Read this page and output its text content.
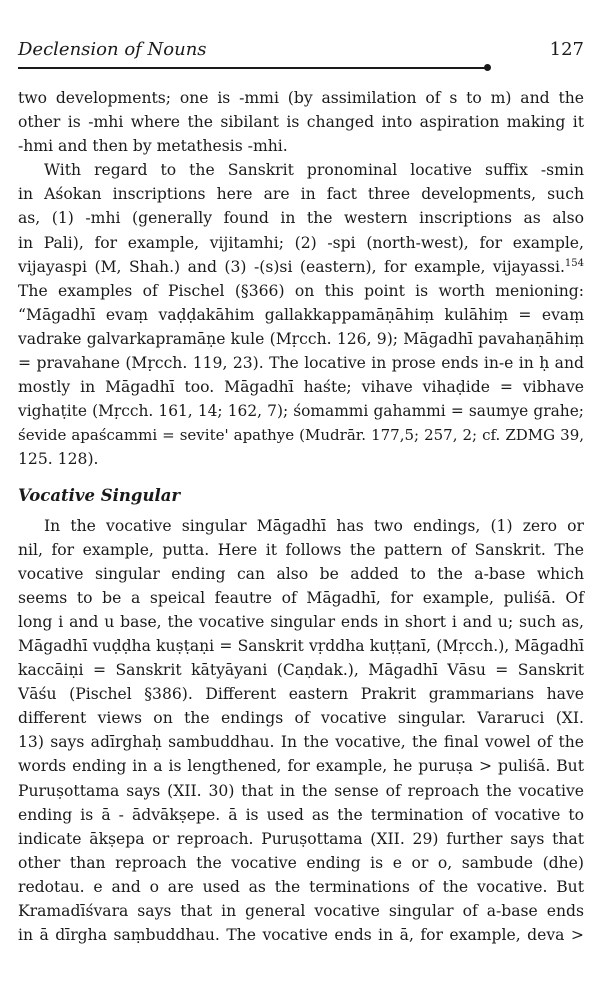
Declension of Nouns	127

two developments; one is -mmi (by assimilation of s to m) and the
other is -mhi where the sibilant is changed into aspiration making it
-hmi and then by metathesis -mhi.

With regard to the Sanskrit pronominal locative suffix -smin
in Aśokan inscriptions here are in fact three developments, such
as, (1) -mhi (generally found in the western inscriptions as also
in Pali), for example, vijitamhi; (2) -spi (north-west), for example,
vijayaspi (M, Shah.) and (3) -(s)si (eastern), for example, vijayassi.$^{154}$
The examples of Pischel (§366) on this point is worth menioning:
“Māgadhī evaṃ vaḍḍakāhim gallakkappamāṇāhiṃ kulāhiṃ = evaṃ
vadrake galvarkapramāṇe kule (Mṛcch. 126, 9); Māgadhī pavahaṇāhiṃ
= pravahane (Mṛcch. 119, 23). The locative in prose ends in-e in ḥ and
mostly in Māgadhī too. Māgadhī haśte; vihave vihaḍide = vibhave
vighaṭite (Mṛcch. 161, 14; 162, 7); śomammi gahammi = saumye grahe;
śevide apaścammi = sevite' apathye (Mudrār. 177,5; 257, 2; cf. ZDMG 39,
125. 128).

Vocative Singular

In the vocative singular Māgadhī has two endings, (1) zero or
nil, for example, putta. Here it follows the pattern of Sanskrit. The
vocative singular ending can also be added to the a-base which
seems to be a speical feautre of Māgadhī, for example, puliśā. Of
long i and u base, the vocative singular ends in short i and u; such as,
Māgadhī vuḍḍha kuṣṭaṇi = Sanskrit vṛddha kuṭṭanī, (Mṛcch.), Māgadhī
kaccāiṇi = Sanskrit kātyāyani (Caṇdak.), Māgadhī Vāsu = Sanskrit
Vāśu (Pischel §386). Different eastern Prakrit grammarians have
different views on the endings of vocative singular. Vararuci (XI.
13) says adīrghaḥ sambuddhau. In the vocative, the final vowel of the
words ending in a is lengthened, for example, he puruṣa > puliśā. But
Puruṣottama says (XII. 30) that in the sense of reproach the vocative
ending is ā - ādvākṣepe. ā is used as the termination of vocative to
indicate ākṣepa or reproach. Puruṣottama (XII. 29) further says that
other than reproach the vocative ending is e or o, sambude (dhe)
redotau. e and o are used as the terminations of the vocative. But
Kramadīśvara says that in general vocative singular of a-base ends
in ā dīrgha saṃbuddhau. The vocative ends in ā, for example, deva >
